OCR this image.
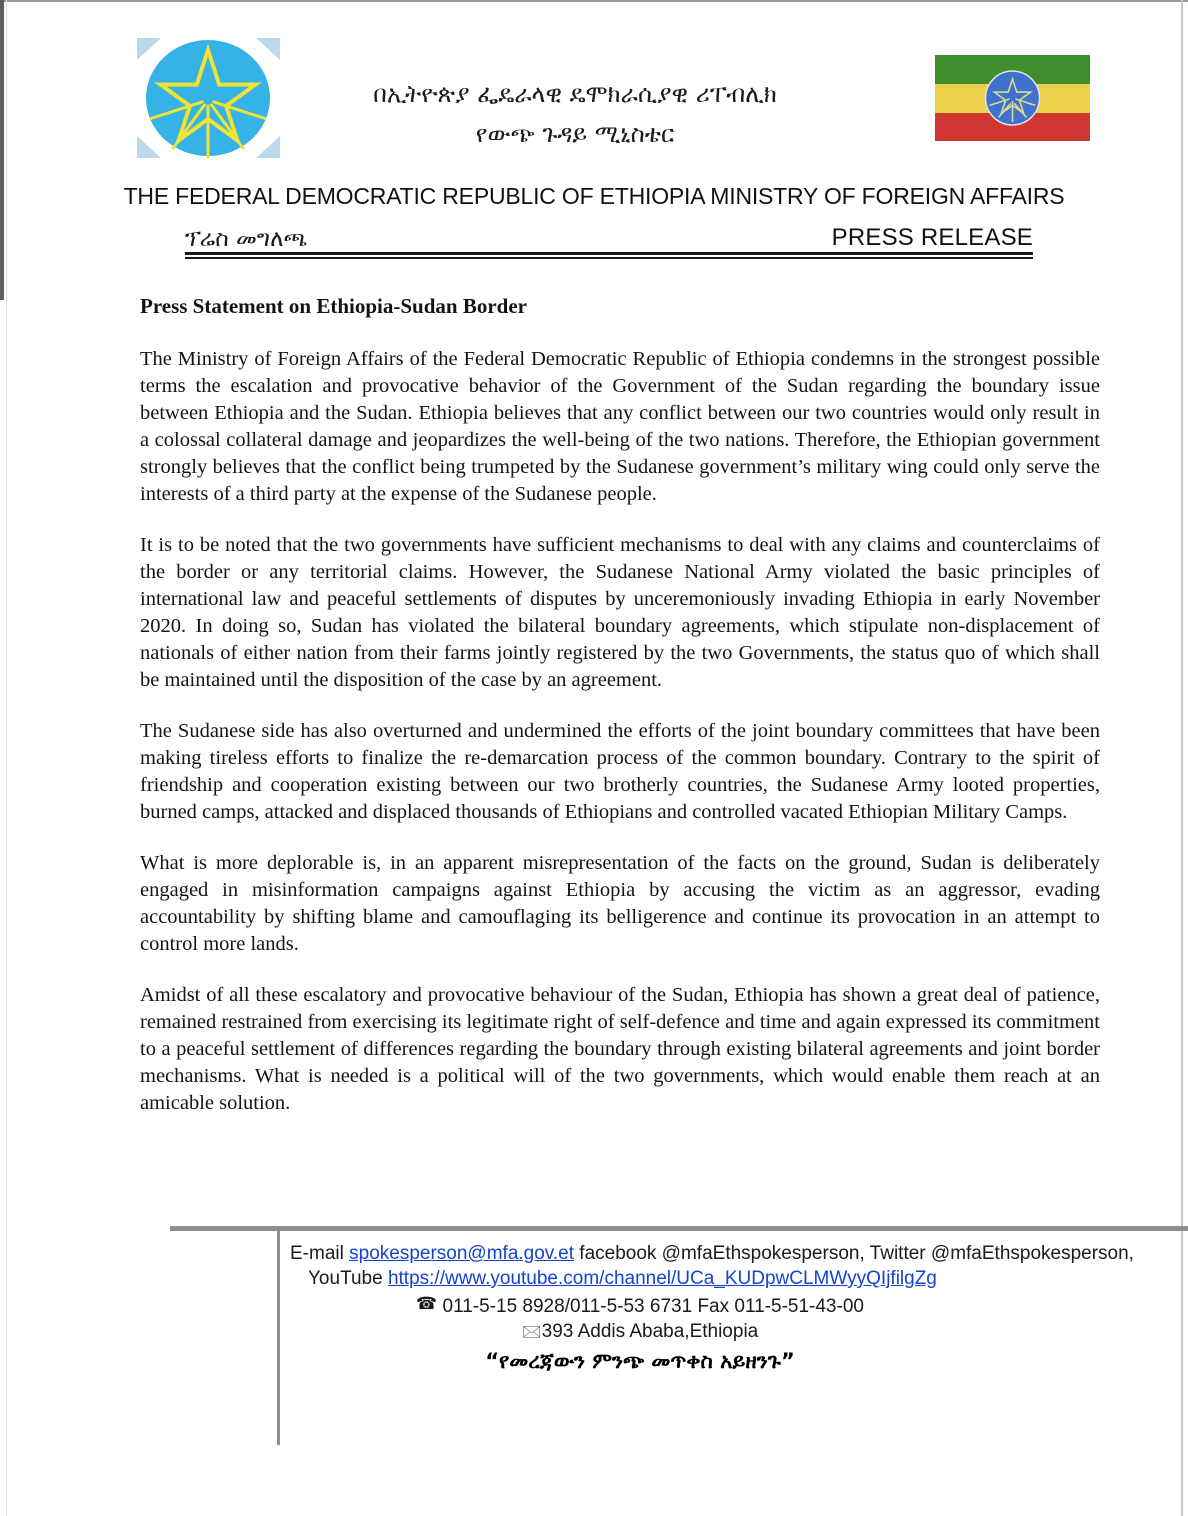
በኢትዮጵያ ፌዴራላዊ ዴሞክራሲያዊ ሪፐብሊክ
የውጭ ጉዳይ ሚኒስቴር
THE FEDERAL DEMOCRATIC REPUBLIC OF ETHIOPIA MINISTRY OF FOREIGN AFFAIRS
ፕሬስ መግለጫ	PRESS RELEASE
Press Statement on Ethiopia-Sudan Border

The Ministry of Foreign Affairs of the Federal Democratic Republic of Ethiopia condemns in the strongest possible terms the escalation and provocative behavior of the Government of the Sudan regarding the boundary issue between Ethiopia and the Sudan. Ethiopia believes that any conflict between our two countries would only result in a colossal collateral damage and jeopardizes the well-being of the two nations. Therefore, the Ethiopian government strongly believes that the conflict being trumpeted by the Sudanese government’s military wing could only serve the interests of a third party at the expense of the Sudanese people.

It is to be noted that the two governments have sufficient mechanisms to deal with any claims and counterclaims of the border or any territorial claims. However, the Sudanese National Army violated the basic principles of international law and peaceful settlements of disputes by unceremoniously invading Ethiopia in early November 2020. In doing so, Sudan has violated the bilateral boundary agreements, which stipulate non-displacement of nationals of either nation from their farms jointly registered by the two Governments, the status quo of which shall be maintained until the disposition of the case by an agreement.

The Sudanese side has also overturned and undermined the efforts of the joint boundary committees that have been making tireless efforts to finalize the re-demarcation process of the common boundary. Contrary to the spirit of friendship and cooperation existing between our two brotherly countries, the Sudanese Army looted properties, burned camps, attacked and displaced thousands of Ethiopians and controlled vacated Ethiopian Military Camps.

What is more deplorable is, in an apparent misrepresentation of the facts on the ground, Sudan is deliberately engaged in misinformation campaigns against Ethiopia by accusing the victim as an aggressor, evading accountability by shifting blame and camouflaging its belligerence and continue its provocation in an attempt to control more lands.

Amidst of all these escalatory and provocative behaviour of the Sudan, Ethiopia has shown a great deal of patience, remained restrained from exercising its legitimate right of self-defence and time and again expressed its commitment to a peaceful settlement of differences regarding the boundary through existing bilateral agreements and joint border mechanisms. What is needed is a political will of the two governments, which would enable them reach at an amicable solution.

E-mail spokesperson@mfa.gov.et facebook @mfaEthspokesperson, Twitter @mfaEthspokesperson,
YouTube https://www.youtube.com/channel/UCa_KUDpwCLMWyyQIjfilgZg
☎ 011-5-15 8928/011-5-53 6731 Fax 011-5-51-43-00
🖂393 Addis Ababa,Ethiopia
“የመረጃውን ምንጭ መጥቀስ አይዘንጉ”
